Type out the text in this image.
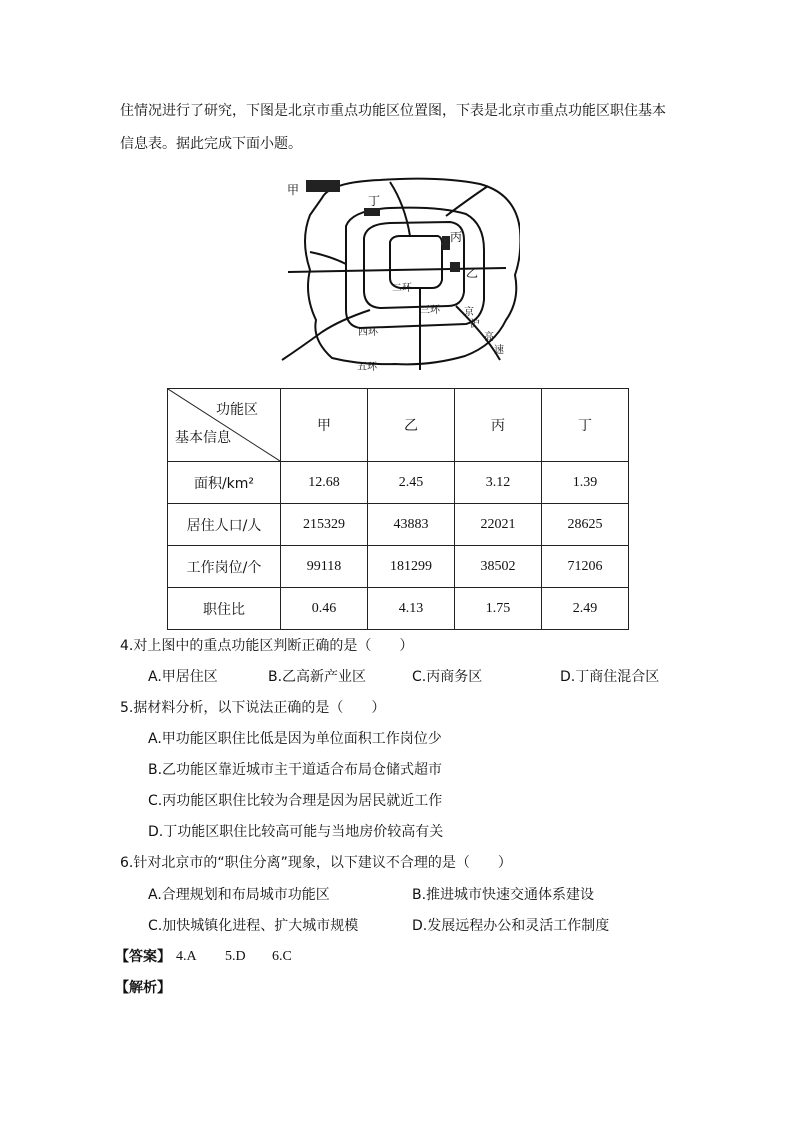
住情况进行了研究，下图是北京市重点功能区位置图，下表是北京市重点功能区职住基本
信息表。据此完成下面小题。
甲
丁
丙
乙
二环
三环
四环
五环
京
沪
高
速
功能区
基本信息	甲	乙	丙	丁
面积/km²	12.68	2.45	3.12	1.39
居住人口/人	215329	43883	22021	28625
工作岗位/个	99118	181299	38502	71206
职住比	0.46	4.13	1.75	2.49
4.对上图中的重点功能区判断正确的是（　　）
A.甲居住区	B.乙高新产业区	C.丙商务区	D.丁商住混合区
5.据材料分析，以下说法正确的是（　　）
A.甲功能区职住比低是因为单位面积工作岗位少
B.乙功能区靠近城市主干道适合布局仓储式超市
C.丙功能区职住比较为合理是因为居民就近工作
D.丁功能区职住比较高可能与当地房价较高有关
6.针对北京市的“职住分离”现象，以下建议不合理的是（　　）
A.合理规划和布局城市功能区	B.推进城市快速交通体系建设
C.加快城镇化进程、扩大城市规模	D.发展远程办公和灵活工作制度
【答案】 4.A 5.D 6.C
【解析】
